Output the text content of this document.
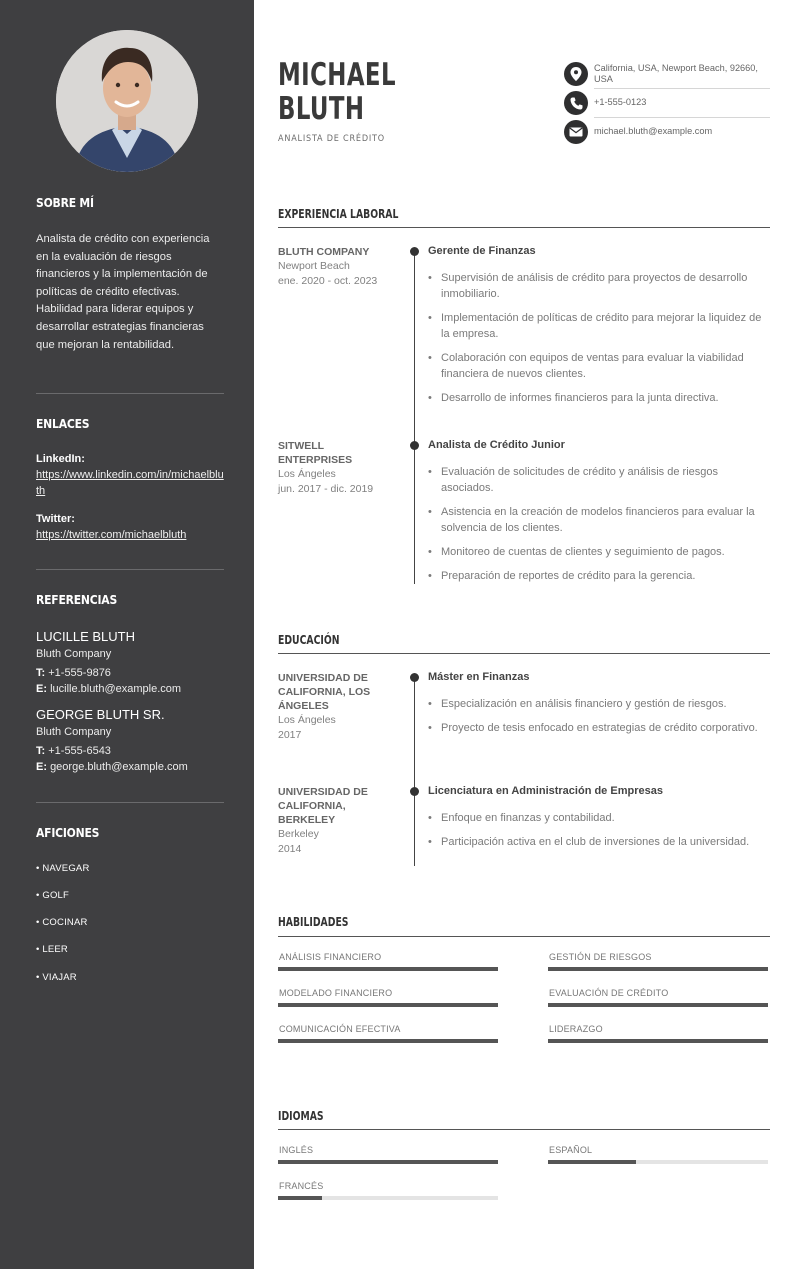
SOBRE MÍ
Analista de crédito con experiencia en la evaluación de riesgos financieros y la implementación de políticas de crédito efectivas. Habilidad para liderar equipos y desarrollar estrategias financieras que mejoran la rentabilidad.
ENLACES
LinkedIn:
https://www.linkedin.com/in/michaelbluth
Twitter:
https://twitter.com/michaelbluth
REFERENCIAS
LUCILLE BLUTH
Bluth Company
T: +1-555-9876
E: lucille.bluth@example.com
GEORGE BLUTH SR.
Bluth Company
T: +1-555-6543
E: george.bluth@example.com
AFICIONES
• NAVEGAR
• GOLF
• COCINAR
• LEER
• VIAJAR
MICHAEL
BLUTH
ANALISTA DE CRÉDITO
California, USA, Newport Beach, 92660, USA
+1-555-0123
michael.bluth@example.com
EXPERIENCIA LABORAL
BLUTH COMPANY
Newport Beach
ene. 2020 - oct. 2023
Gerente de Finanzas
• Supervisión de análisis de crédito para proyectos de desarrollo inmobiliario.
• Implementación de políticas de crédito para mejorar la liquidez de la empresa.
• Colaboración con equipos de ventas para evaluar la viabilidad financiera de nuevos clientes.
• Desarrollo de informes financieros para la junta directiva.
SITWELL ENTERPRISES
Los Ángeles
jun. 2017 - dic. 2019
Analista de Crédito Junior
• Evaluación de solicitudes de crédito y análisis de riesgos asociados.
• Asistencia en la creación de modelos financieros para evaluar la solvencia de los clientes.
• Monitoreo de cuentas de clientes y seguimiento de pagos.
• Preparación de reportes de crédito para la gerencia.
EDUCACIÓN
UNIVERSIDAD DE CALIFORNIA, LOS ÁNGELES
Los Ángeles
2017
Máster en Finanzas
• Especialización en análisis financiero y gestión de riesgos.
• Proyecto de tesis enfocado en estrategias de crédito corporativo.
UNIVERSIDAD DE CALIFORNIA, BERKELEY
Berkeley
2014
Licenciatura en Administración de Empresas
• Enfoque en finanzas y contabilidad.
• Participación activa en el club de inversiones de la universidad.
HABILIDADES
ANÁLISIS FINANCIERO	GESTIÓN DE RIESGOS
MODELADO FINANCIERO	EVALUACIÓN DE CRÉDITO
COMUNICACIÓN EFECTIVA	LIDERAZGO
IDIOMAS
INGLÉS	ESPAÑOL
FRANCÉS
